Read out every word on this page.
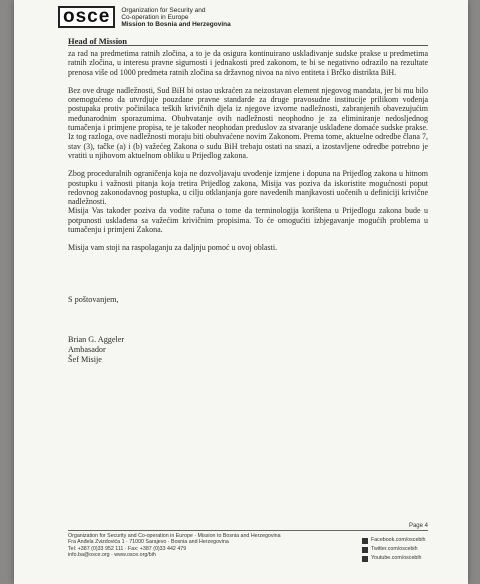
osce	Organization for Security and
Co-operation in Europe
Mission to Bosnia and Herzegovina
Head of Mission

za rad na predmetima ratnih zločina, a to je da osigura kontinuirano usklađivanje sudske prakse u predmetima ratnih zločina, u interesu pravne sigurnosti i jednakosti pred zakonom, te bi se negativno odrazilo na rezultate prenosa više od 1000 predmeta ratnih zločina sa državnog nivoa na nivo entiteta i Brčko distrikta BiH.

Bez ove druge nadležnosti, Sud BiH bi ostao uskraćen za neizostavan element njegovog mandata, jer bi mu bilo onemogućeno da utvrdjuje pouzdane pravne standarde za druge pravosudne institucije prilikom vođenja postupaka protiv počinilaca teških krivičnih djela iz njegove izvorne nadležnosti, zabranjenih obavezujućim međunarodnim sporazumima. Obuhvatanje ovih nadležnosti neophodno je za eliminiranje nedosljednog tumačenja i primjene propisa, te je također neophodan preduslov za stvaranje usklađene domaće sudske prakse. Iz tog razloga, ove nadležnosti moraju biti obuhvaćene novim Zakonom. Prema tome, aktuelne odredbe člana 7, stav (3), tačke (a) i (b) važećeg Zakona o sudu BiH trebaju ostati na snazi, a izostavljene odredbe potrebno je vratiti u njihovom aktuelnom obliku u Prijedlog zakona.

Zbog proceduralnih ograničenja koja ne dozvoljavaju uvođenje izmjene i dopuna na Prijedlog zakona u hitnom postupku i važnosti pitanja koja tretira Prijedlog zakona, Misija vas poziva da iskoristite mogućnosti poput redovnog zakonodavnog postupka, u cilju otklanjanja gore navedenih manjkavosti uočenih u definiciji krivične nadležnosti.

Misija Vas također poziva da vodite računa o tome da terminologija korištena u Prijedlogu zakona bude u potpunosti usklađena sa važećim krivičnim propisima. To će omogućiti izbjegavanje mogućih problema u tumačenju i primjeni Zakona.

Misija vam stoji na raspolaganju za daljnju pomoć u ovoj oblasti.

S poštovanjem,
Brian G. Aggeler
Ambasador
Šef Misije
Page 4
Organization for Security and Co-operation in Europe · Mission to Bosnia and Herzegovina
Fra Anđela Zvizdovića 1 · 71000 Sarajevo · Bosnia and Herzegovina
Tel: +387 (0)33 952 111 · Fax: +387 (0)33 442 479
info.ba@osce.org · www.osce.org/bih
Facebook.com/oscebih
Twitter.com/oscebih
Youtube.com/oscebih
